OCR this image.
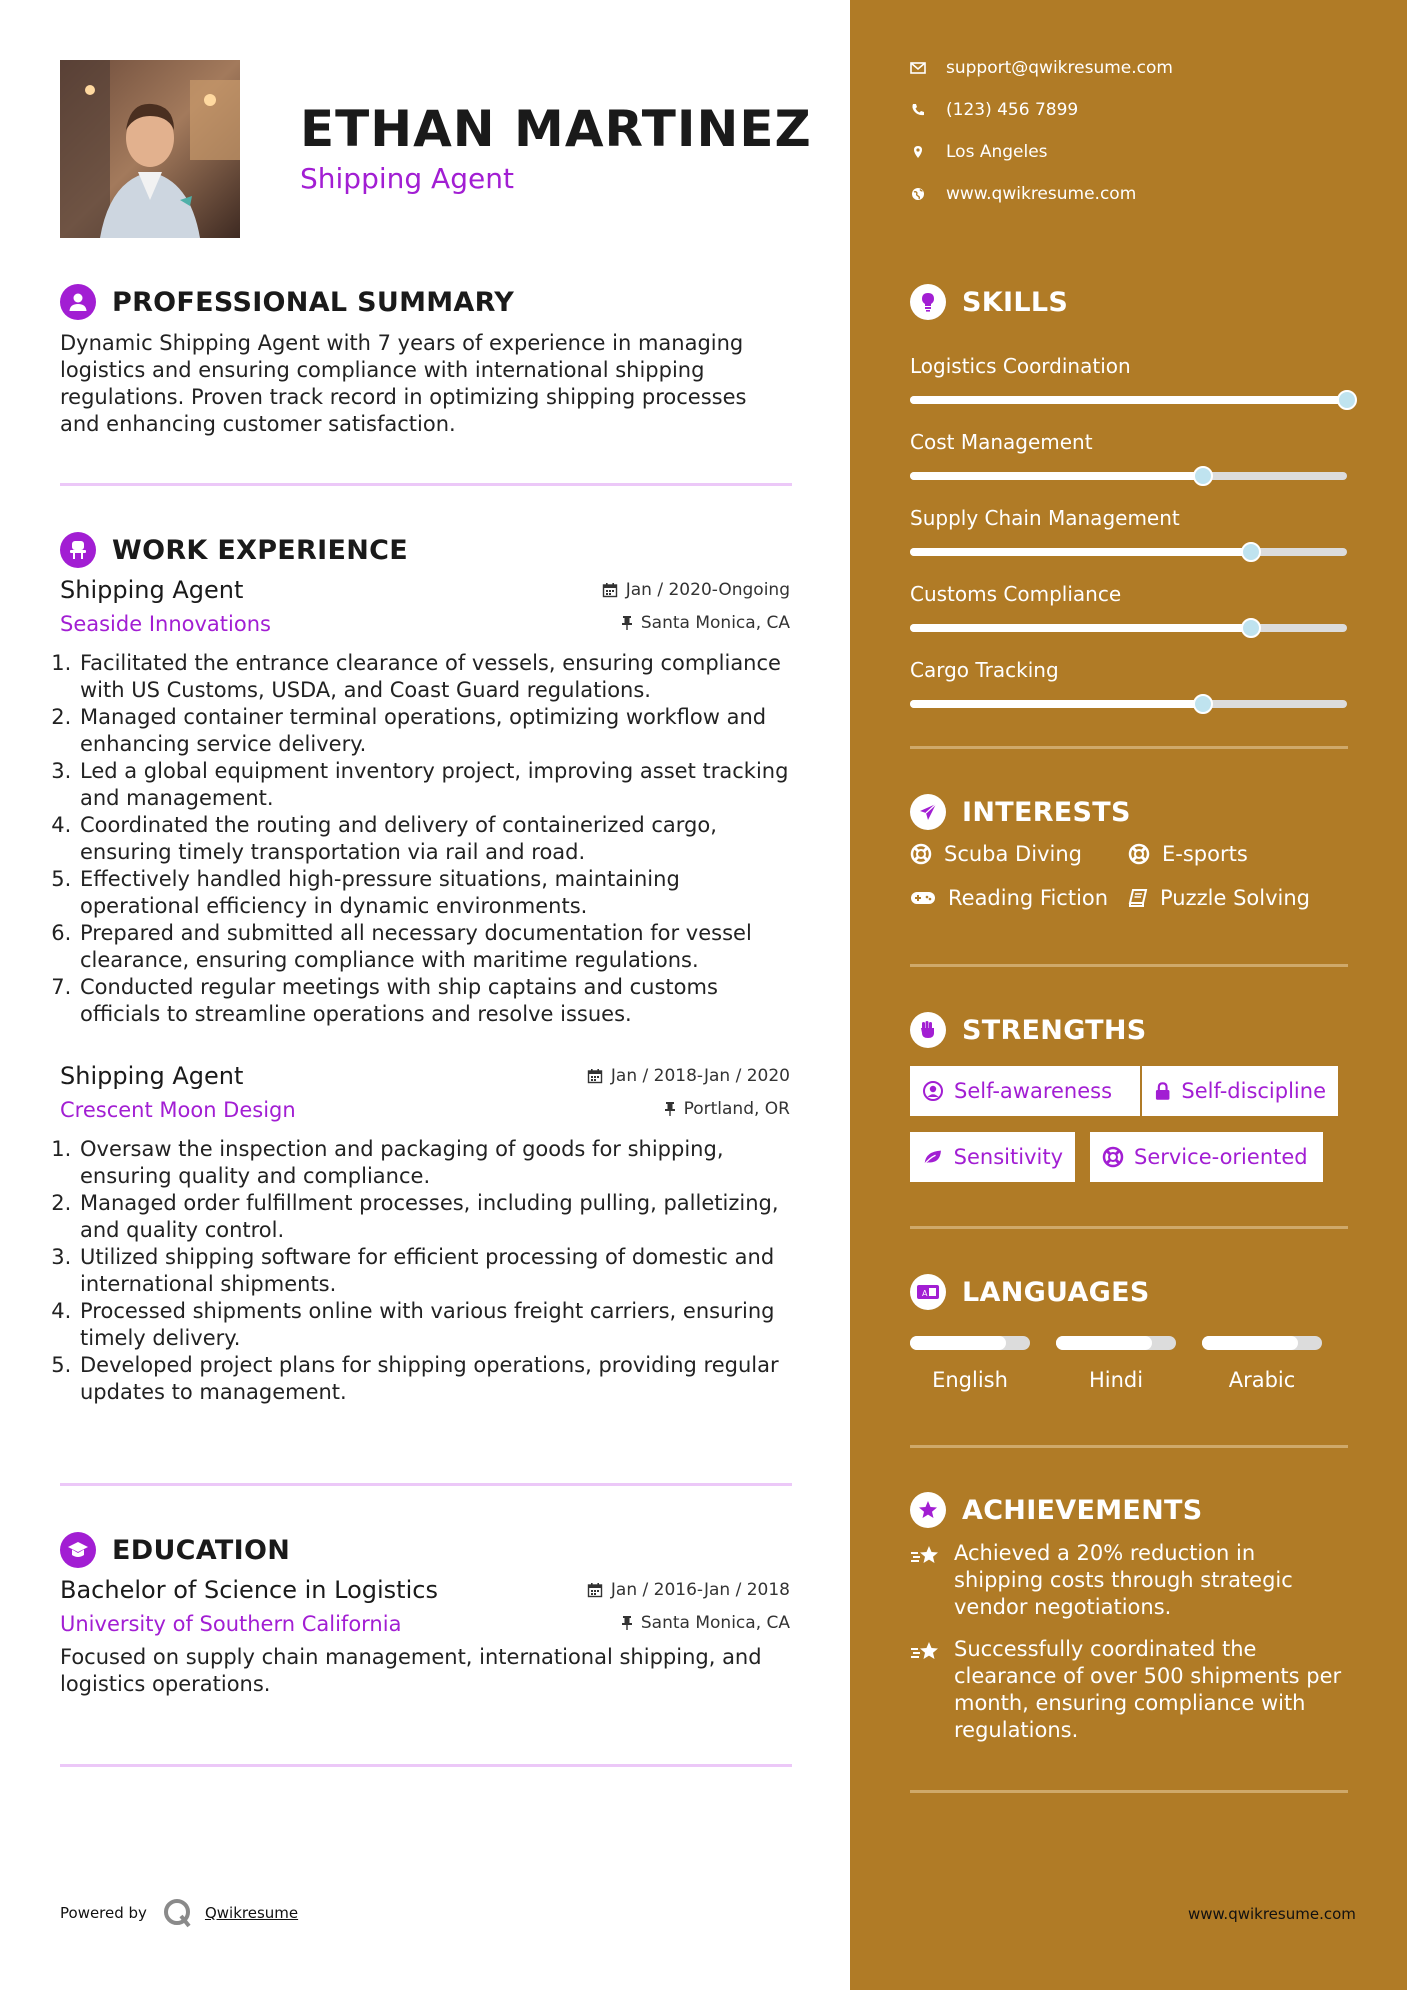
ETHAN MARTINEZ
Shipping Agent
PROFESSIONAL SUMMARY
Dynamic Shipping Agent with 7 years of experience in managing logistics and ensuring compliance with international shipping regulations. Proven track record in optimizing shipping processes and enhancing customer satisfaction.
WORK EXPERIENCE
Shipping Agent	Jan / 2020-Ongoing
Seaside Innovations	Santa Monica, CA
1. Facilitated the entrance clearance of vessels, ensuring compliance with US Customs, USDA, and Coast Guard regulations.
2. Managed container terminal operations, optimizing workflow and enhancing service delivery.
3. Led a global equipment inventory project, improving asset tracking and management.
4. Coordinated the routing and delivery of containerized cargo, ensuring timely transportation via rail and road.
5. Effectively handled high-pressure situations, maintaining operational efficiency in dynamic environments.
6. Prepared and submitted all necessary documentation for vessel clearance, ensuring compliance with maritime regulations.
7. Conducted regular meetings with ship captains and customs officials to streamline operations and resolve issues.
Shipping Agent	Jan / 2018-Jan / 2020
Crescent Moon Design	Portland, OR
1. Oversaw the inspection and packaging of goods for shipping, ensuring quality and compliance.
2. Managed order fulfillment processes, including pulling, palletizing, and quality control.
3. Utilized shipping software for efficient processing of domestic and international shipments.
4. Processed shipments online with various freight carriers, ensuring timely delivery.
5. Developed project plans for shipping operations, providing regular updates to management.
EDUCATION
Bachelor of Science in Logistics	Jan / 2016-Jan / 2018
University of Southern California	Santa Monica, CA
Focused on supply chain management, international shipping, and logistics operations.
Powered by	Qwikresume
support@qwikresume.com
(123) 456 7899
Los Angeles
www.qwikresume.com
SKILLS
Logistics Coordination
Cost Management
Supply Chain Management
Customs Compliance
Cargo Tracking
INTERESTS
Scuba Diving	E-sports
Reading Fiction Puzzle Solving
STRENGTHS
Self-awareness	Self-discipline
Sensitivity	Service-oriented
A LANGUAGES
English	Hindi	Arabic
ACHIEVEMENTS
Achieved a 20% reduction in shipping costs through strategic vendor negotiations.
Successfully coordinated the clearance of over 500 shipments per month, ensuring compliance with regulations.
www.qwikresume.com
